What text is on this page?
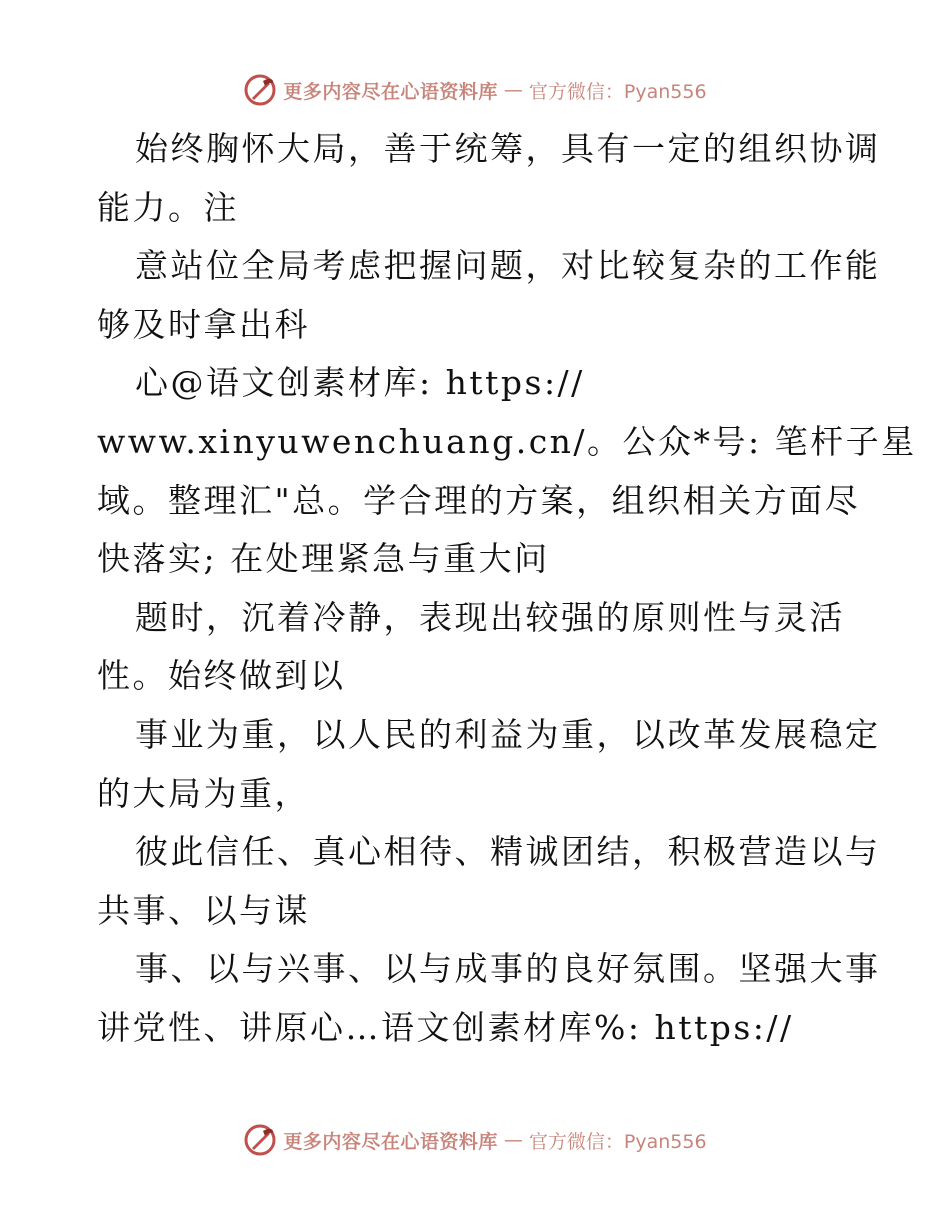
更多内容尽在心语资料库 — 官方微信：Pyan556
始终胸怀大局，善于统筹，具有一定的组织协调
能力。注
意站位全局考虑把握问题，对比较复杂的工作能
够及时拿出科
心@语文创素材库: https://
www.xinyuwenchuang.cn/。公众*号: 笔杆子星
域。整理汇"总。学合理的方案，组织相关方面尽
快落实; 在处理紧急与重大问
题时，沉着冷静，表现出较强的原则性与灵活
性。始终做到以
事业为重，以人民的利益为重，以改革发展稳定
的大局为重，
彼此信任、真心相待、精诚团结，积极营造以与
共事、以与谋
事、以与兴事、以与成事的良好氛围。坚强大事
讲党性、讲原心…语文创素材库%: https://
更多内容尽在心语资料库 — 官方微信：Pyan556
